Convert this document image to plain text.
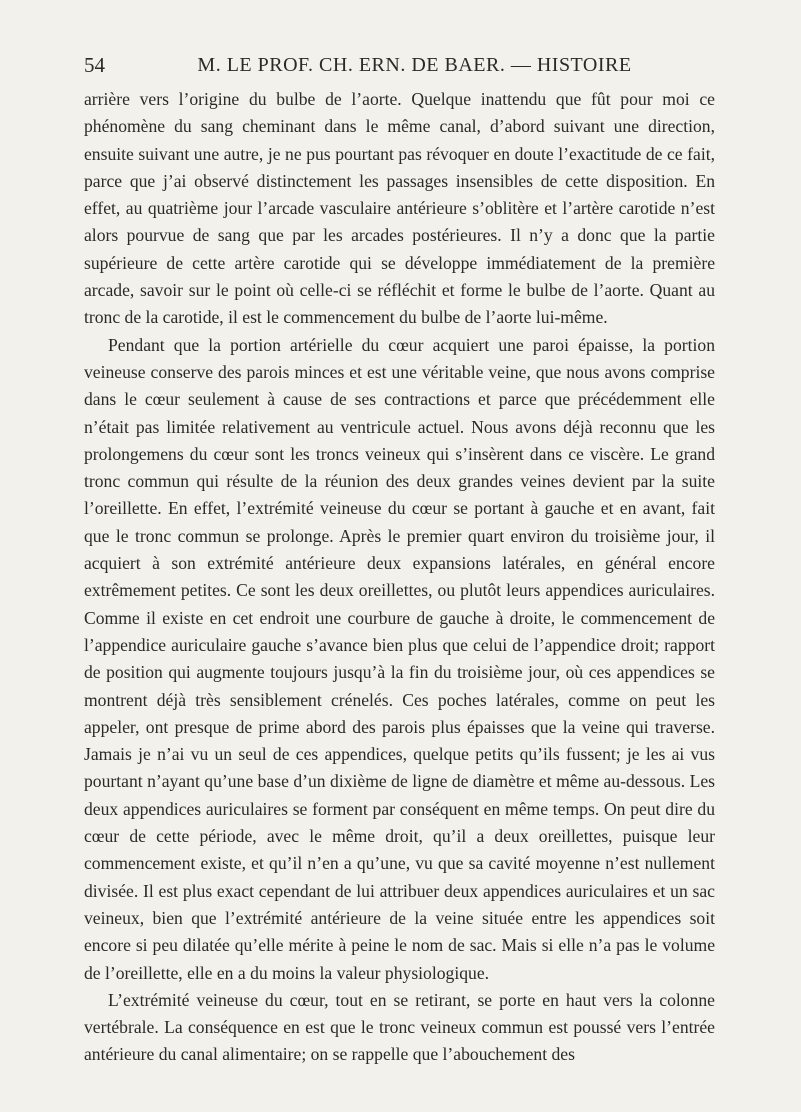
54	M. LE PROF. CH. ERN. DE BAER. — HISTOIRE

arrière vers l’origine du bulbe de l’aorte. Quelque inattendu que fût pour moi ce phénomène du sang cheminant dans le même canal, d’abord suivant une direction, ensuite suivant une autre, je ne pus pourtant pas révoquer en doute l’exactitude de ce fait, parce que j’ai observé distinctement les passages insensibles de cette disposition. En effet, au quatrième jour l’arcade vasculaire antérieure s’oblitère et l’artère carotide n’est alors pourvue de sang que par les arcades postérieures. Il n’y a donc que la partie supérieure de cette artère carotide qui se développe immédiatement de la première arcade, savoir sur le point où celle-ci se réfléchit et forme le bulbe de l’aorte. Quant au tronc de la carotide, il est le commencement du bulbe de l’aorte lui-même.

Pendant que la portion artérielle du cœur acquiert une paroi épaisse, la portion veineuse conserve des parois minces et est une véritable veine, que nous avons comprise dans le cœur seulement à cause de ses contractions et parce que précédemment elle n’était pas limitée relativement au ventricule actuel. Nous avons déjà reconnu que les prolongemens du cœur sont les troncs veineux qui s’insèrent dans ce viscère. Le grand tronc commun qui résulte de la réunion des deux grandes veines devient par la suite l’oreillette. En effet, l’extrémité veineuse du cœur se portant à gauche et en avant, fait que le tronc commun se prolonge. Après le premier quart environ du troisième jour, il acquiert à son extrémité antérieure deux expansions latérales, en général encore extrêmement petites. Ce sont les deux oreillettes, ou plutôt leurs appendices auriculaires. Comme il existe en cet endroit une courbure de gauche à droite, le commencement de l’appendice auriculaire gauche s’avance bien plus que celui de l’appendice droit; rapport de position qui augmente toujours jusqu’à la fin du troisième jour, où ces appendices se montrent déjà très sensiblement crénelés. Ces poches latérales, comme on peut les appeler, ont presque de prime abord des parois plus épaisses que la veine qui traverse. Jamais je n’ai vu un seul de ces appendices, quelque petits qu’ils fussent; je les ai vus pourtant n’ayant qu’une base d’un dixième de ligne de diamètre et même au-dessous. Les deux appendices auriculaires se forment par conséquent en même temps. On peut dire du cœur de cette période, avec le même droit, qu’il a deux oreillettes, puisque leur commencement existe, et qu’il n’en a qu’une, vu que sa cavité moyenne n’est nullement divisée. Il est plus exact cependant de lui attribuer deux appendices auriculaires et un sac veineux, bien que l’extrémité antérieure de la veine située entre les appendices soit encore si peu dilatée qu’elle mérite à peine le nom de sac. Mais si elle n’a pas le volume de l’oreillette, elle en a du moins la valeur physiologique.

L’extrémité veineuse du cœur, tout en se retirant, se porte en haut vers la colonne vertébrale. La conséquence en est que le tronc veineux commun est poussé vers l’entrée antérieure du canal alimentaire; on se rappelle que l’abouchement des
